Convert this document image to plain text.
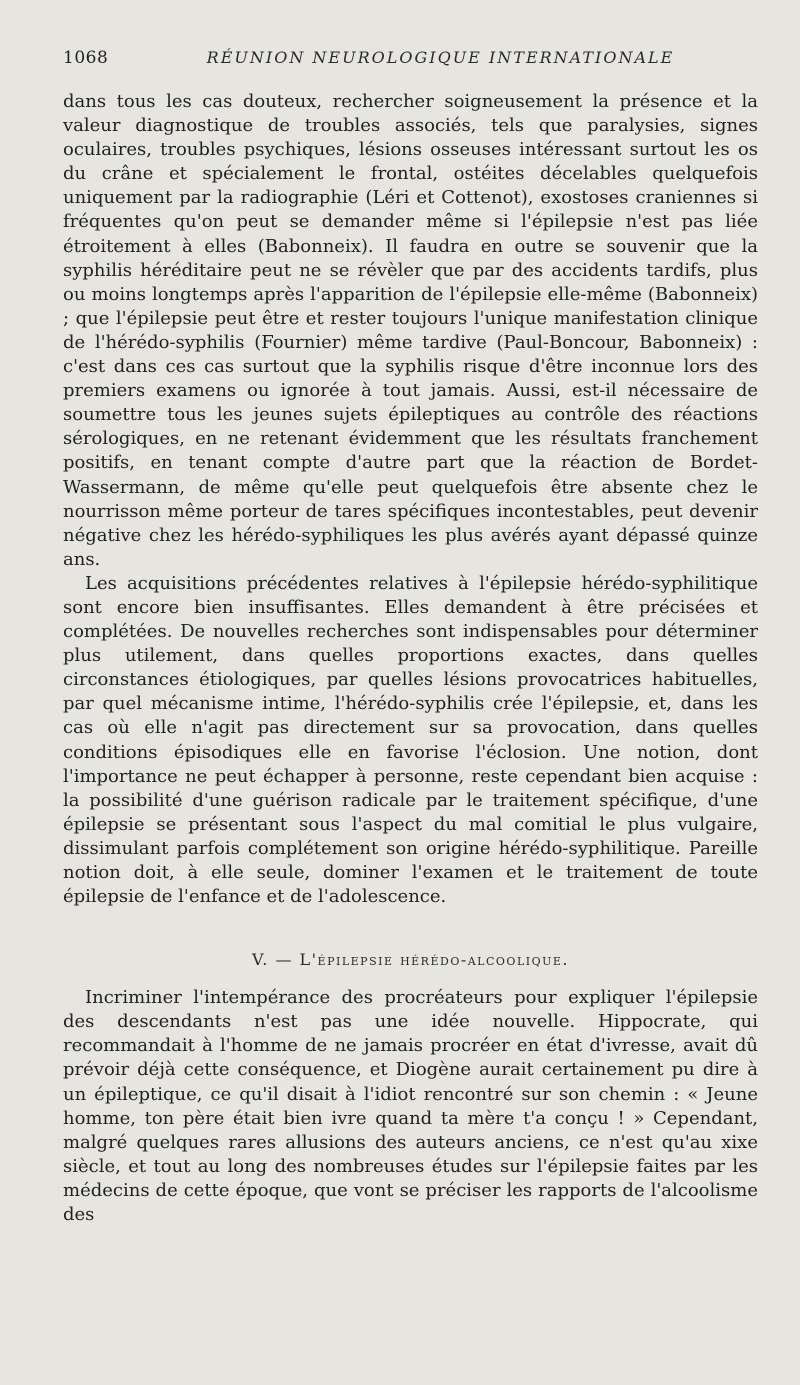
1068	RÉUNION NEUROLOGIQUE INTERNATIONALE

dans tous les cas douteux, rechercher soigneusement la présence et la valeur diagnostique de troubles associés, tels que paralysies, signes oculaires, troubles psychiques, lésions osseuses intéressant surtout les os du crâne et spécialement le frontal, ostéites décelables quelquefois uniquement par la radiographie (Léri et Cottenot), exostoses craniennes si fréquentes qu'on peut se demander même si l'épilepsie n'est pas liée étroitement à elles (Babonneix). Il faudra en outre se souvenir que la syphilis héréditaire peut ne se révèler que par des accidents tardifs, plus ou moins longtemps après l'apparition de l'épilepsie elle-même (Babonneix) ; que l'épilepsie peut être et rester toujours l'unique manifestation clinique de l'hérédo-syphilis (Fournier) même tardive (Paul-Boncour, Babonneix) : c'est dans ces cas surtout que la syphilis risque d'être inconnue lors des premiers examens ou ignorée à tout jamais. Aussi, est-il nécessaire de soumettre tous les jeunes sujets épileptiques au contrôle des réactions sérologiques, en ne retenant évidemment que les résultats franchement positifs, en tenant compte d'autre part que la réaction de Bordet-Wassermann, de même qu'elle peut quelquefois être absente chez le nourrisson même porteur de tares spécifiques incontestables, peut devenir négative chez les hérédo-syphiliques les plus avérés ayant dépassé quinze ans.

Les acquisitions précédentes relatives à l'épilepsie hérédo-syphilitique sont encore bien insuffisantes. Elles demandent à être précisées et complétées. De nouvelles recherches sont indispensables pour déterminer plus utilement, dans quelles proportions exactes, dans quelles circonstances étiologiques, par quelles lésions provocatrices habituelles, par quel mécanisme intime, l'hérédo-syphilis crée l'épilepsie, et, dans les cas où elle n'agit pas directement sur sa provocation, dans quelles conditions épisodiques elle en favorise l'éclosion. Une notion, dont l'importance ne peut échapper à personne, reste cependant bien acquise : la possibilité d'une guérison radicale par le traitement spécifique, d'une épilepsie se présentant sous l'aspect du mal comitial le plus vulgaire, dissimulant parfois complétement son origine hérédo-syphilitique. Pareille notion doit, à elle seule, dominer l'examen et le traitement de toute épilepsie de l'enfance et de l'adolescence.

V. — L'épilepsie hérédo-alcoolique.

Incriminer l'intempérance des procréateurs pour expliquer l'épilepsie des descendants n'est pas une idée nouvelle. Hippocrate, qui recommandait à l'homme de ne jamais procréer en état d'ivresse, avait dû prévoir déjà cette conséquence, et Diogène aurait certainement pu dire à un épileptique, ce qu'il disait à l'idiot rencontré sur son chemin : « Jeune homme, ton père était bien ivre quand ta mère t'a conçu ! » Cependant, malgré quelques rares allusions des auteurs anciens, ce n'est qu'au xixe siècle, et tout au long des nombreuses études sur l'épilepsie faites par les médecins de cette époque, que vont se préciser les rapports de l'alcoolisme des
